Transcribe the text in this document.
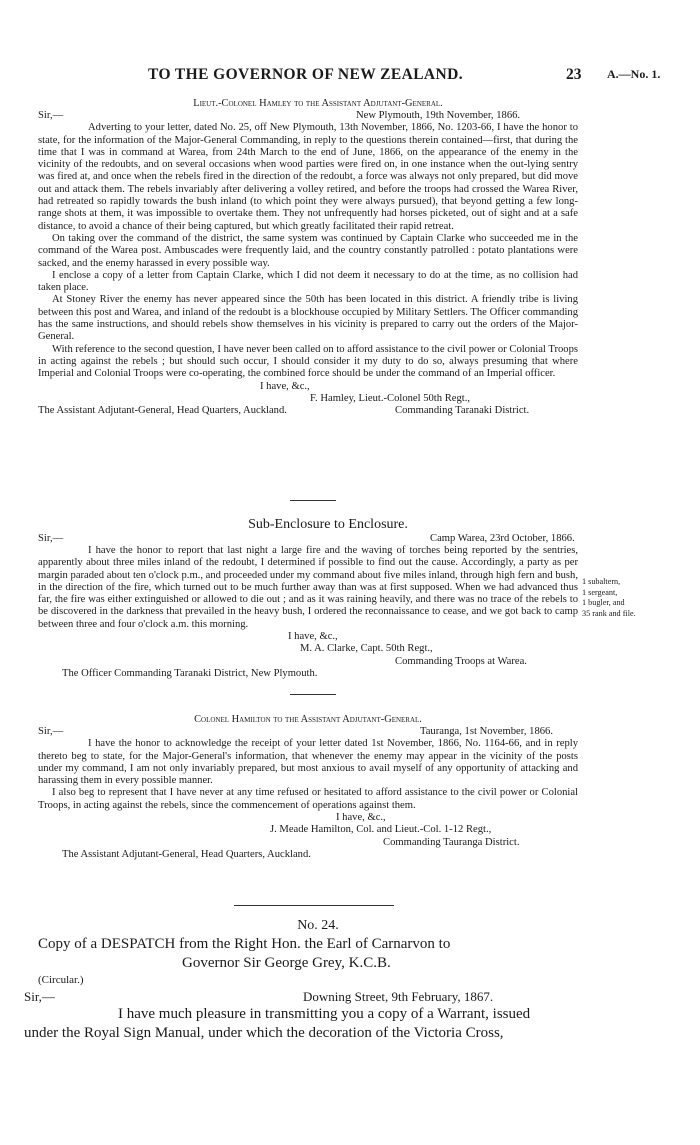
TO THE GOVERNOR OF NEW ZEALAND.	23 A.—No. 1.
Lieut.-Colonel Hamley to the Assistant Adjutant-General.
Sir,—	New Plymouth, 19th November, 1866.

Adverting to your letter, dated No. 25, off New Plymouth, 13th November, 1866, No. 1203-66, I have the honor to state, for the information of the Major-General Commanding, in reply to the questions therein contained—first, that during the time that I was in command at Warea, from 24th March to the end of June, 1866, on the appearance of the enemy in the vicinity of the redoubts, and on several occasions when wood parties were fired on, in one instance when the out-lying sentry was fired at, and once when the rebels fired in the direction of the redoubt, a force was always not only prepared, but did move out and attack them. The rebels invariably after delivering a volley retired, and before the troops had crossed the Warea River, had retreated so rapidly towards the bush inland (to which point they were always pursued), that beyond getting a few long-range shots at them, it was impossible to overtake them. They not unfrequently had horses picketed, out of sight and at a safe distance, to avoid a chance of their being captured, but which greatly facilitated their rapid retreat.

On taking over the command of the district, the same system was continued by Captain Clarke who succeeded me in the command of the Warea post. Ambuscades were frequently laid, and the country constantly patrolled : potato plantations were sacked, and the enemy harassed in every possible way.

I enclose a copy of a letter from Captain Clarke, which I did not deem it necessary to do at the time, as no collision had taken place.

At Stoney River the enemy has never appeared since the 50th has been located in this district. A friendly tribe is living between this post and Warea, and inland of the redoubt is a blockhouse occupied by Military Settlers. The Officer commanding has the same instructions, and should rebels show themselves in his vicinity is prepared to carry out the orders of the Major-General.

With reference to the second question, I have never been called on to afford assistance to the civil power or Colonial Troops in acting against the rebels ; but should such occur, I should consider it my duty to do so, always presuming that where Imperial and Colonial Troops were co-operating, the combined force should be under the command of an Imperial officer.

I have, &c.,
F. Hamley, Lieut.-Colonel 50th Regt.,
The Assistant Adjutant-General, Head Quarters, Auckland.	Commanding Taranaki District.
Sub-Enclosure to Enclosure.
Sir,—	Camp Warea, 23rd October, 1866.

I have the honor to report that last night a large fire and the waving of torches being reported by the sentries, apparently about three miles inland of the redoubt, I determined if possible to find out the cause. Accordingly, a party as per margin paraded about ten o'clock p.m., and proceeded under my command about five miles inland, through high fern and bush, in the direction of the fire, which turned out to be much further away than was at first supposed. When we had advanced thus far, the fire was either extinguished or allowed to die out ; and as it was raining heavily, and there was no trace of the rebels to be discovered in the darkness that prevailed in the heavy bush, I ordered the reconnaissance to cease, and we got back to camp between three and four o'clock a.m. this morning.

I have, &c.,
M. A. Clarke, Capt. 50th Regt.,
Commanding Troops at Warea.
The Officer Commanding Taranaki District, New Plymouth.
1 subaltern,
1 sergeant,
1 bugler, and
35 rank and file.
Colonel Hamilton to the Assistant Adjutant-General.
Sir,—	Tauranga, 1st November, 1866.

I have the honor to acknowledge the receipt of your letter dated 1st November, 1866, No. 1164-66, and in reply thereto beg to state, for the Major-General's information, that whenever the enemy may appear in the vicinity of the posts under my command, I am not only invariably prepared, but most anxious to avail myself of any opportunity of attacking and harassing them in every possible manner.

I also beg to represent that I have never at any time refused or hesitated to afford assistance to the civil power or Colonial Troops, in acting against the rebels, since the commencement of operations against them.

I have, &c.,
J. Meade Hamilton, Col. and Lieut.-Col. 1-12 Regt.,
Commanding Tauranga District.
The Assistant Adjutant-General, Head Quarters, Auckland.
No. 24.
Copy of a DESPATCH from the Right Hon. the Earl of Carnarvon to
Governor Sir George Grey, K.C.B.
(Circular.)
Sir,—	Downing Street, 9th February, 1867.
I have much pleasure in transmitting you a copy of a Warrant, issued
under the Royal Sign Manual, under which the decoration of the Victoria Cross,
